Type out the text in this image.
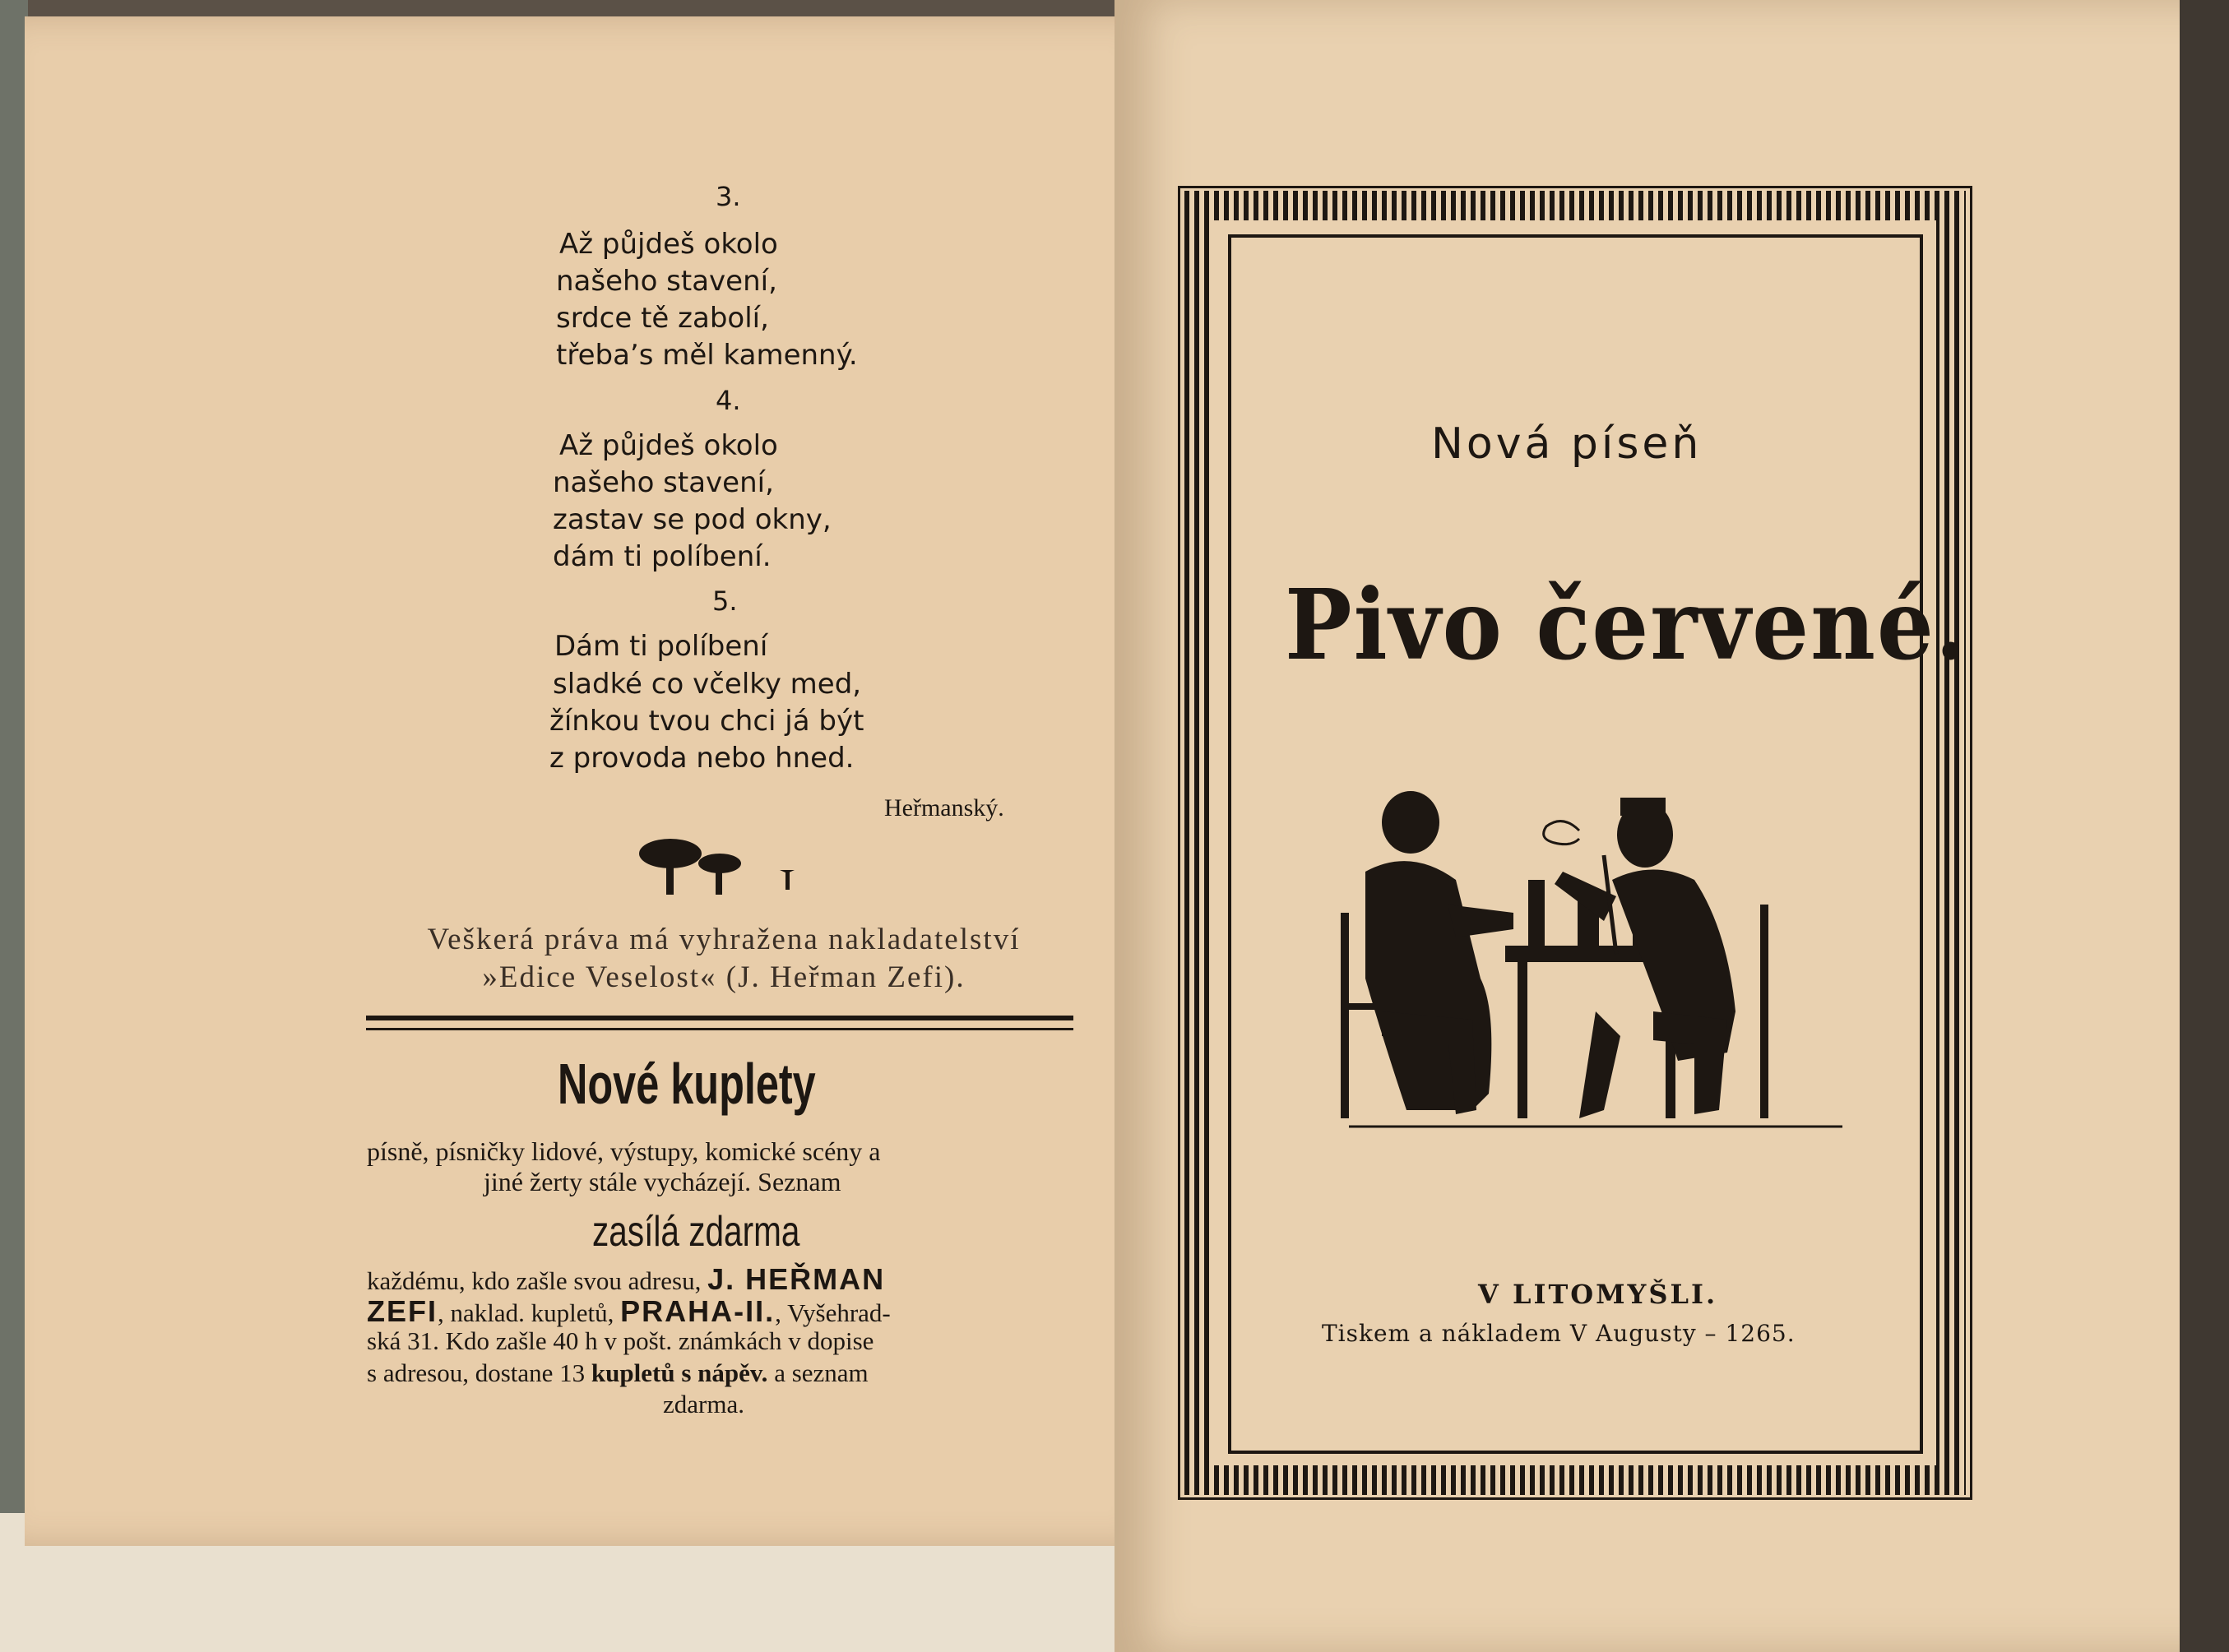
3.
Až půjdeš okolo
našeho stavení,
srdce tě zabolí,
třeba’s měl kamenný.
4.
Až půjdeš okolo
našeho stavení,
zastav se pod okny,
dám ti políbení.
5.
Dám ti políbení
sladké co včelky med,
žínkou tvou chci já být
z provoda nebo hned.
Heřmanský.
Veškerá práva má vyhražena nakladatelství
»Edice Veselost« (J. Heřman Zefi).
Nové kuplety
písně, písničky lidové, výstupy, komické scény a
jiné žerty stále vycházejí. Seznam
zasílá zdarma
každému, kdo zašle svou adresu, J. HEŘMAN
ZEFI, naklad. kupletů, PRAHA-II., Vyšehrad-
ská 31. Kdo zašle 40 h v pošt. známkách v dopise
s adresou, dostane 13 kupletů s nápěv. a seznam
zdarma.
Nová píseň
Pivo červené.
V LITOMYŠLI.
Tiskem a nákladem V Augusty – 1265.
